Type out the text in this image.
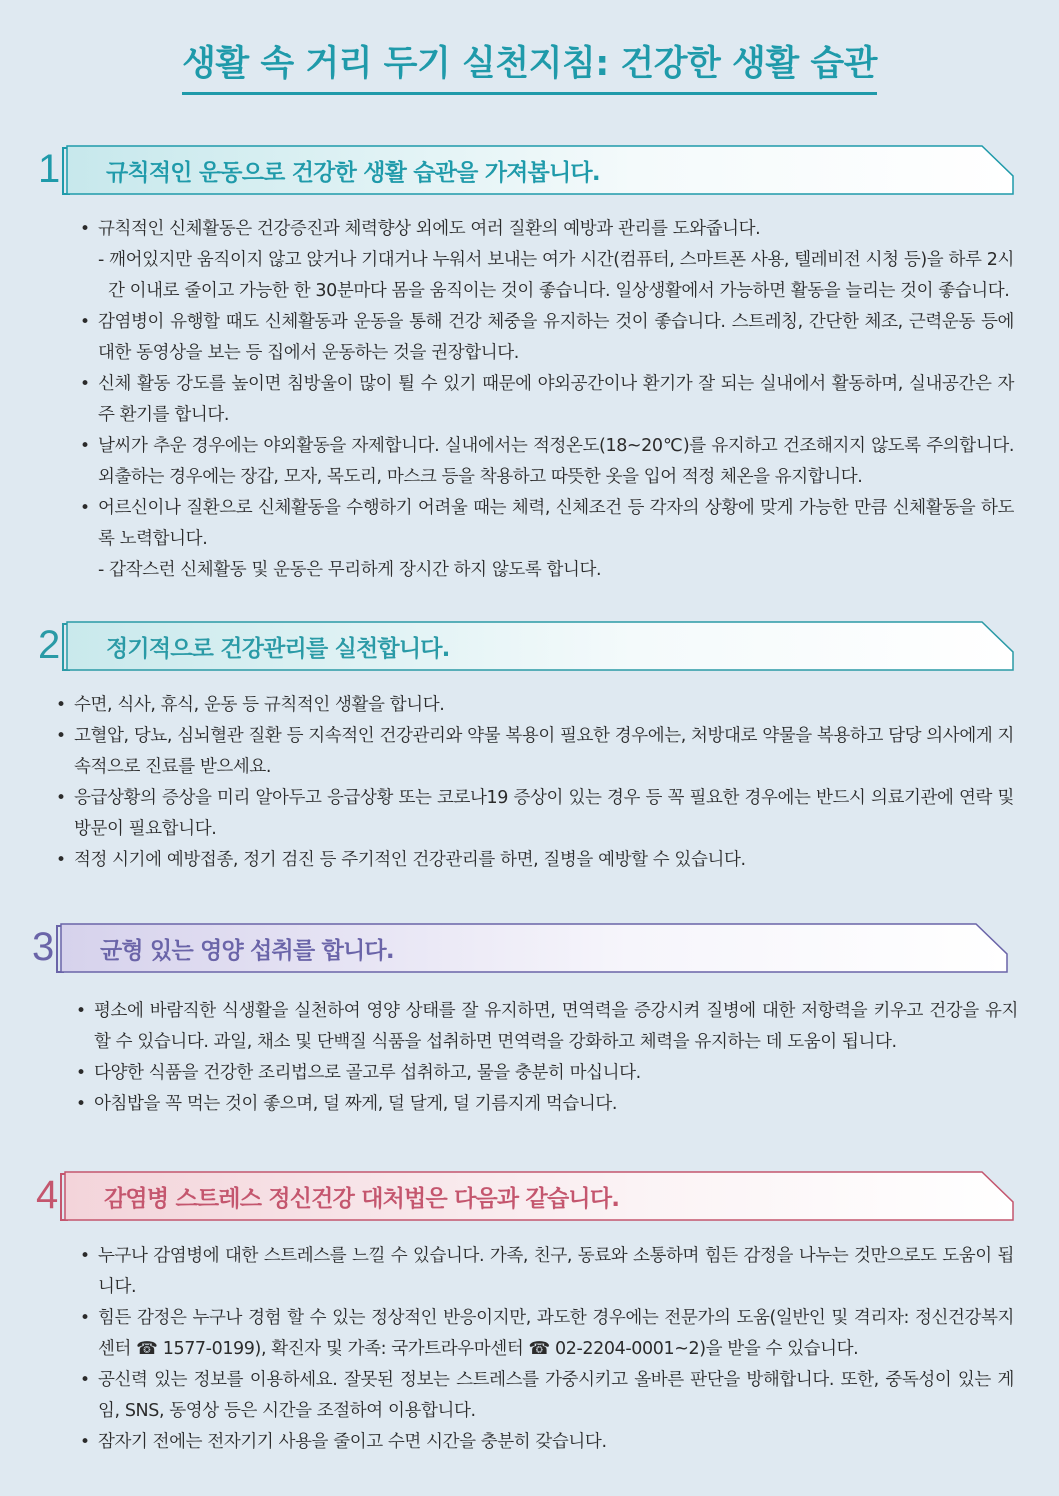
생활 속 거리 두기 실천지침: 건강한 생활 습관
1 규칙적인 운동으로 건강한 생활 습관을 가져봅니다.
• 규칙적인 신체활동은 건강증진과 체력향상 외에도 여러 질환의 예방과 관리를 도와줍니다.
- 깨어있지만 움직이지 않고 앉거나 기대거나 누워서 보내는 여가 시간(컴퓨터, 스마트폰 사용, 텔레비전 시청 등)을 하루 2시간 이내로 줄이고 가능한 한 30분마다 몸을 움직이는 것이 좋습니다. 일상생활에서 가능하면 활동을 늘리는 것이 좋습니다.
• 감염병이 유행할 때도 신체활동과 운동을 통해 건강 체중을 유지하는 것이 좋습니다. 스트레칭, 간단한 체조, 근력운동 등에 대한 동영상을 보는 등 집에서 운동하는 것을 권장합니다.
• 신체 활동 강도를 높이면 침방울이 많이 튈 수 있기 때문에 야외공간이나 환기가 잘 되는 실내에서 활동하며, 실내공간은 자주 환기를 합니다.
• 날씨가 추운 경우에는 야외활동을 자제합니다. 실내에서는 적정온도(18~20℃)를 유지하고 건조해지지 않도록 주의합니다. 외출하는 경우에는 장갑, 모자, 목도리, 마스크 등을 착용하고 따뜻한 옷을 입어 적정 체온을 유지합니다.
• 어르신이나 질환으로 신체활동을 수행하기 어려울 때는 체력, 신체조건 등 각자의 상황에 맞게 가능한 만큼 신체활동을 하도록 노력합니다.
- 갑작스런 신체활동 및 운동은 무리하게 장시간 하지 않도록 합니다.
2 정기적으로 건강관리를 실천합니다.
• 수면, 식사, 휴식, 운동 등 규칙적인 생활을 합니다.
• 고혈압, 당뇨, 심뇌혈관 질환 등 지속적인 건강관리와 약물 복용이 필요한 경우에는, 처방대로 약물을 복용하고 담당 의사에게 지속적으로 진료를 받으세요.
• 응급상황의 증상을 미리 알아두고 응급상황 또는 코로나19 증상이 있는 경우 등 꼭 필요한 경우에는 반드시 의료기관에 연락 및 방문이 필요합니다.
• 적정 시기에 예방접종, 정기 검진 등 주기적인 건강관리를 하면, 질병을 예방할 수 있습니다.
3 균형 있는 영양 섭취를 합니다.
• 평소에 바람직한 식생활을 실천하여 영양 상태를 잘 유지하면, 면역력을 증강시켜 질병에 대한 저항력을 키우고 건강을 유지할 수 있습니다. 과일, 채소 및 단백질 식품을 섭취하면 면역력을 강화하고 체력을 유지하는 데 도움이 됩니다.
• 다양한 식품을 건강한 조리법으로 골고루 섭취하고, 물을 충분히 마십니다.
• 아침밥을 꼭 먹는 것이 좋으며, 덜 짜게, 덜 달게, 덜 기름지게 먹습니다.
4 감염병 스트레스 정신건강 대처법은 다음과 같습니다.
• 누구나 감염병에 대한 스트레스를 느낄 수 있습니다. 가족, 친구, 동료와 소통하며 힘든 감정을 나누는 것만으로도 도움이 됩니다.
• 힘든 감정은 누구나 경험 할 수 있는 정상적인 반응이지만, 과도한 경우에는 전문가의 도움(일반인 및 격리자: 정신건강복지센터 ☎ 1577-0199), 확진자 및 가족: 국가트라우마센터 ☎ 02-2204-0001~2)을 받을 수 있습니다.
• 공신력 있는 정보를 이용하세요. 잘못된 정보는 스트레스를 가중시키고 올바른 판단을 방해합니다. 또한, 중독성이 있는 게임, SNS, 동영상 등은 시간을 조절하여 이용합니다.
• 잠자기 전에는 전자기기 사용을 줄이고 수면 시간을 충분히 갖습니다.
